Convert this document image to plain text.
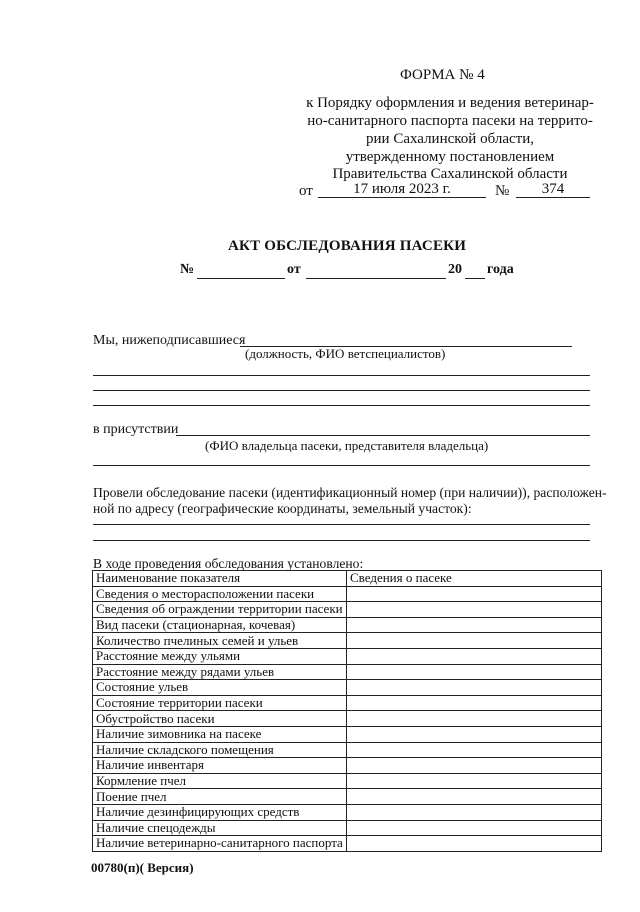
ФОРМА № 4
к Порядку оформления и ведения ветеринар-
но-санитарного паспорта пасеки на террито-
рии Сахалинской области,
утвержденному постановлением
Правительства Сахалинской области
от	17 июля 2023 г.	№	374
АКТ ОБСЛЕДОВАНИЯ ПАСЕКИ
№	от	20 года
Мы, нижеподписавшиеся
(должность, ФИО ветспециалистов)
в присутствии
(ФИО владельца пасеки, представителя владельца)
Провели обследование пасеки (идентификационный номер (при наличии)), расположен-
ной по адресу (географические координаты, земельный участок):
В ходе проведения обследования установлено:
Наименование показателя	Сведения о пасеке
Сведения о месторасположении пасеки	
Сведения об ограждении территории пасеки	
Вид пасеки (стационарная, кочевая)	
Количество пчелиных семей и ульев	
Расстояние между ульями	
Расстояние между рядами ульев	
Состояние ульев	
Состояние территории пасеки	
Обустройство пасеки	
Наличие зимовника на пасеке	
Наличие складского помещения	
Наличие инвентаря	
Кормление пчел	
Поение пчел	
Наличие дезинфицирующих средств	
Наличие спецодежды	
Наличие ветеринарно-санитарного паспорта	
00780(п)( Версия)
